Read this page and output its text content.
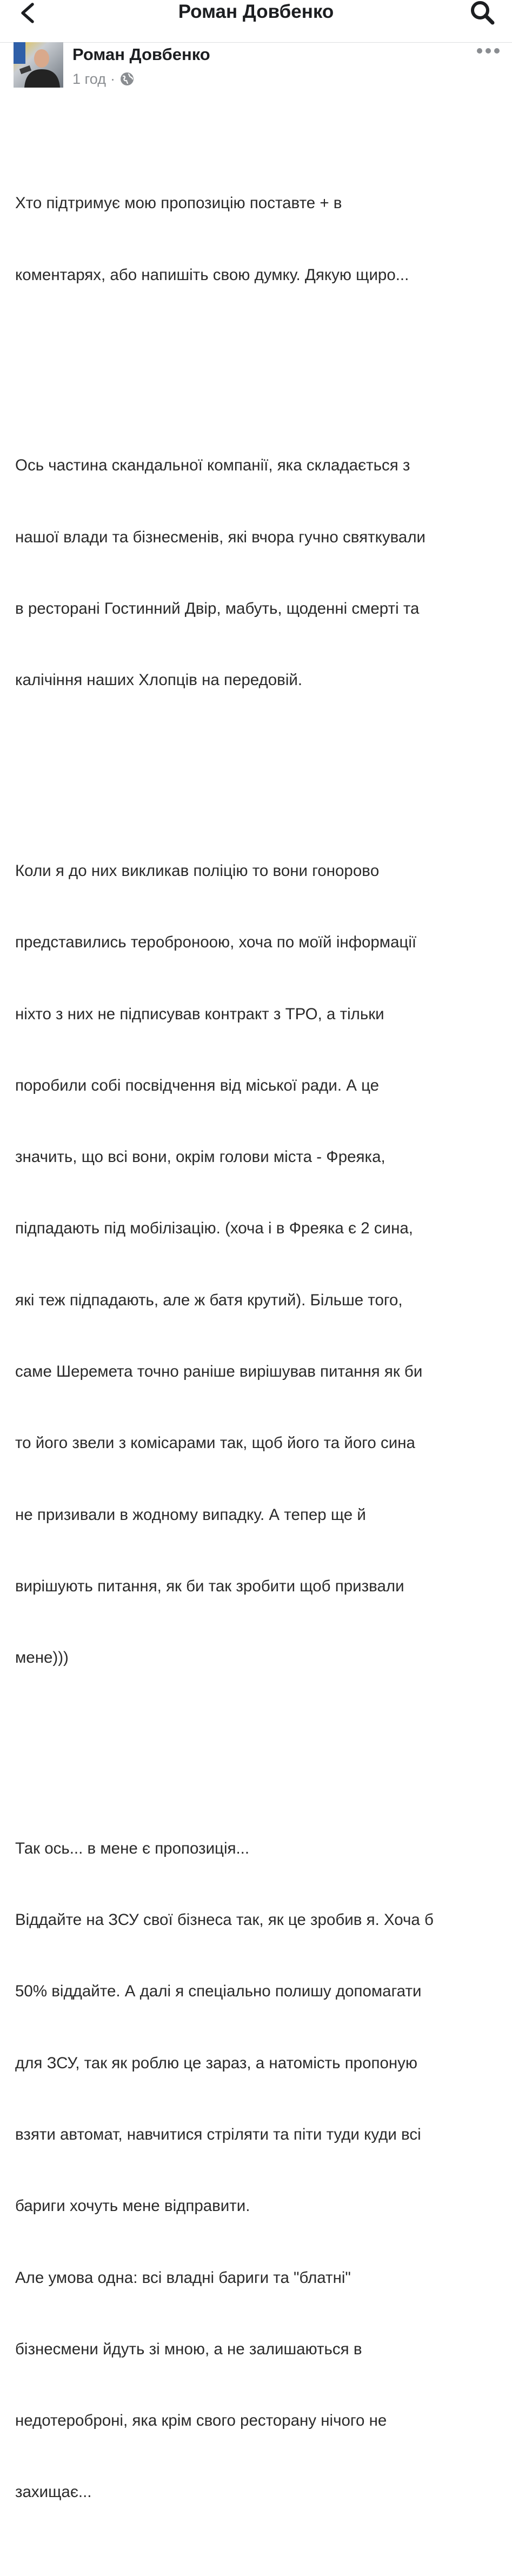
Роман Довбенко
Роман Довбенко
1 год ·

Хто підтримує мою пропозицію поставте + в

коментарях, або напишіть свою думку. Дякую щиро...

Ось частина скандальної компанії, яка складається з

нашої влади та бізнесменів, які вчора гучно святкували

в ресторані Гостинний Двір, мабуть, щоденні смерті та

калічіння наших Хлопців на передовій.

Коли я до них викликав поліцію то вони гоноровo

представились тероброноою, хоча по моїй інформації

ніхто з них не підписував контракт з ТРО, а тільки

поробили собі посвідчення від міської ради. А це

значить, що всі вони, окрім голови міста - Фреяка,

підпадають під мобілізацію. (хоча і в Фреяка є 2 сина,

які теж підпадають, але ж батя крутий). Більше того,

саме Шеремета точно раніше вирішував питання як би

то його звели з комісарами так, щоб його та його сина

не призивали в жодному випадку. А тепер ще й

вирішують питання, як би так зробити щоб призвали

мене)))

Так ось... в мене є пропозиція...

Віддайте на ЗСУ свої бізнеса так, як це зробив я. Хоча б

50% віддайте. А далі я спеціально полишу допомагати

для ЗСУ, так як роблю це зараз, а натомість пропоную

взяти автомат, навчитися стріляти та піти туди куди всі

бариги хочуть мене відправити.

Але умова одна: всі владні бариги та "блатні"

бізнесмени йдуть зі мною, а не залишаються в

недотероброні, яка крім свого ресторану нічого не

захищає...
